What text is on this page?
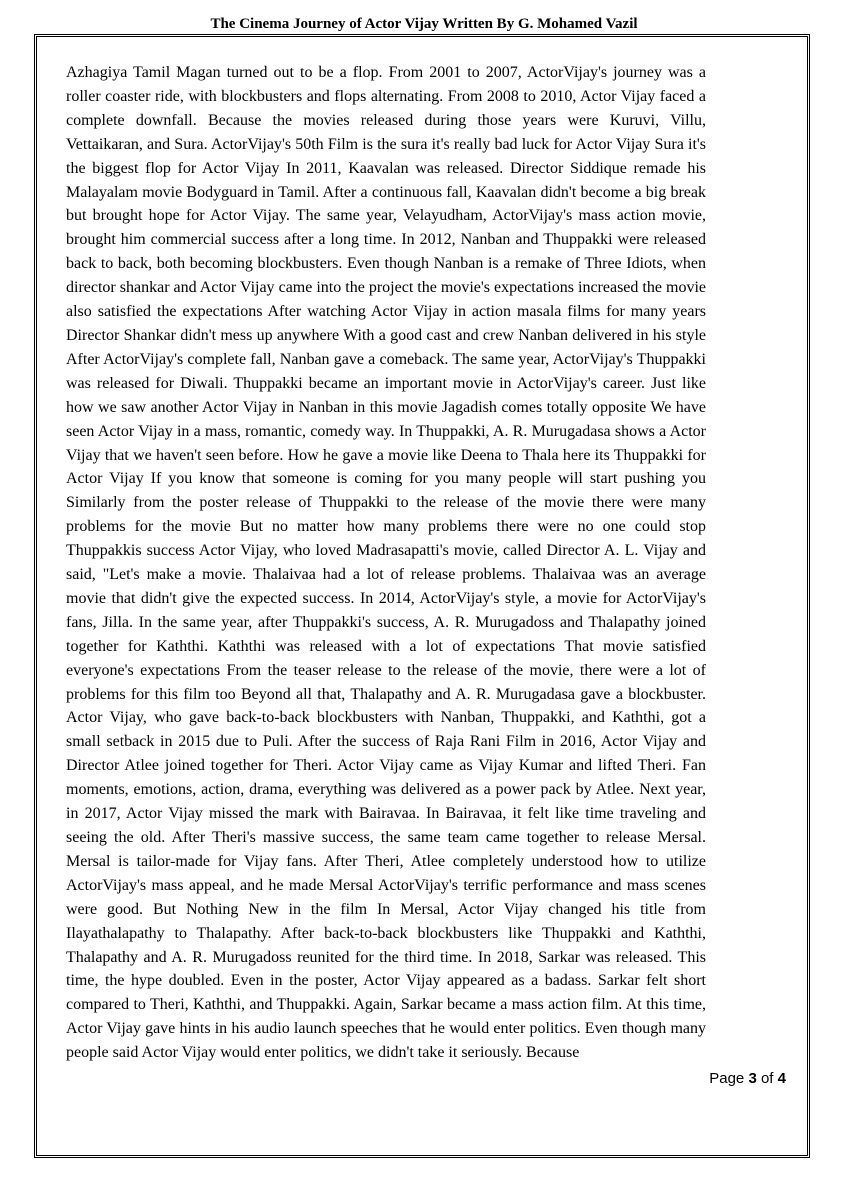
The Cinema Journey of Actor Vijay Written By G. Mohamed Vazil
Azhagiya Tamil Magan turned out to be a flop. From 2001 to 2007, ActorVijay's journey was a roller coaster ride, with blockbusters and flops alternating. From 2008 to 2010, Actor Vijay faced a complete downfall. Because the movies released during those years were Kuruvi, Villu, Vettaikaran, and Sura. ActorVijay's 50th Film is the sura it's really bad luck for Actor Vijay Sura it's the biggest flop for Actor Vijay In 2011, Kaavalan was released. Director Siddique remade his Malayalam movie Bodyguard in Tamil. After a continuous fall, Kaavalan didn't become a big break but brought hope for Actor Vijay. The same year, Velayudham, ActorVijay's mass action movie, brought him commercial success after a long time. In 2012, Nanban and Thuppakki were released back to back, both becoming blockbusters. Even though Nanban is a remake of Three Idiots, when director shankar and Actor Vijay came into the project the movie's expectations increased the movie also satisfied the expectations After watching Actor Vijay in action masala films for many years Director Shankar didn't mess up anywhere With a good cast and crew Nanban delivered in his style After ActorVijay's complete fall, Nanban gave a comeback. The same year, ActorVijay's Thuppakki was released for Diwali. Thuppakki became an important movie in ActorVijay's career. Just like how we saw another Actor Vijay in Nanban in this movie Jagadish comes totally opposite We have seen Actor Vijay in a mass, romantic, comedy way. In Thuppakki, A. R. Murugadasa shows a Actor Vijay that we haven't seen before. How he gave a movie like Deena to Thala here its Thuppakki for Actor Vijay If you know that someone is coming for you many people will start pushing you Similarly from the poster release of Thuppakki to the release of the movie there were many problems for the movie But no matter how many problems there were no one could stop Thuppakkis success Actor Vijay, who loved Madrasapatti's movie, called Director A. L. Vijay and said, "Let's make a movie. Thalaivaa had a lot of release problems. Thalaivaa was an average movie that didn't give the expected success. In 2014, ActorVijay's style, a movie for ActorVijay's fans, Jilla. In the same year, after Thuppakki's success, A. R. Murugadoss and Thalapathy joined together for Kaththi. Kaththi was released with a lot of expectations That movie satisfied everyone's expectations From the teaser release to the release of the movie, there were a lot of problems for this film too Beyond all that, Thalapathy and A. R. Murugadasa gave a blockbuster. Actor Vijay, who gave back-to-back blockbusters with Nanban, Thuppakki, and Kaththi, got a small setback in 2015 due to Puli. After the success of Raja Rani Film in 2016, Actor Vijay and Director Atlee joined together for Theri. Actor Vijay came as Vijay Kumar and lifted Theri. Fan moments, emotions, action, drama, everything was delivered as a power pack by Atlee. Next year, in 2017, Actor Vijay missed the mark with Bairavaa. In Bairavaa, it felt like time traveling and seeing the old. After Theri's massive success, the same team came together to release Mersal. Mersal is tailor-made for Vijay fans. After Theri, Atlee completely understood how to utilize ActorVijay's mass appeal, and he made Mersal ActorVijay's terrific performance and mass scenes were good. But Nothing New in the film In Mersal, Actor Vijay changed his title from Ilayathalapathy to Thalapathy. After back-to-back blockbusters like Thuppakki and Kaththi, Thalapathy and A. R. Murugadoss reunited for the third time. In 2018, Sarkar was released. This time, the hype doubled. Even in the poster, Actor Vijay appeared as a badass. Sarkar felt short compared to Theri, Kaththi, and Thuppakki. Again, Sarkar became a mass action film. At this time, Actor Vijay gave hints in his audio launch speeches that he would enter politics. Even though many people said Actor Vijay would enter politics, we didn't take it seriously. Because
Page 3 of 4
